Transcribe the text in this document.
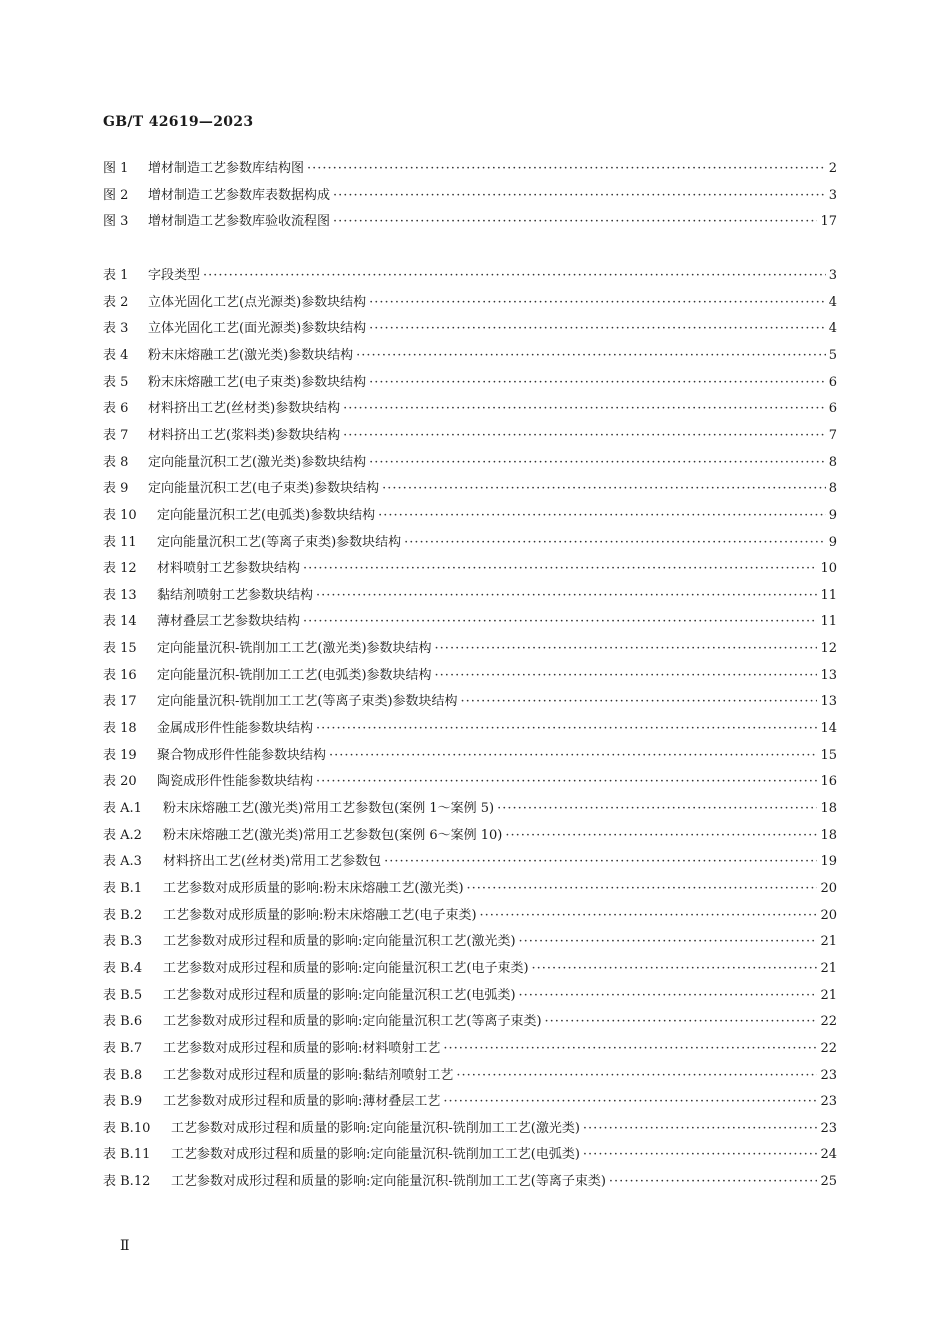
GB/T 42619—2023
图 1	增材制造工艺参数库结构图 ·····	2
图 2	增材制造工艺参数库表数据构成 ·····	3
图 3	增材制造工艺参数库验收流程图 ·····	17
表 1	字段类型 ·····	3
表 2	立体光固化工艺(点光源类)参数块结构 ·····	4
表 3	立体光固化工艺(面光源类)参数块结构 ·····	4
表 4	粉末床熔融工艺(激光类)参数块结构 ·····	5
表 5	粉末床熔融工艺(电子束类)参数块结构 ·····	6
表 6	材料挤出工艺(丝材类)参数块结构 ·····	6
表 7	材料挤出工艺(浆料类)参数块结构 ·····	7
表 8	定向能量沉积工艺(激光类)参数块结构 ·····	8
表 9	定向能量沉积工艺(电子束类)参数块结构 ·····	8
表 10	定向能量沉积工艺(电弧类)参数块结构 ·····	9
表 11	定向能量沉积工艺(等离子束类)参数块结构 ·····	9
表 12	材料喷射工艺参数块结构 ·····	10
表 13	黏结剂喷射工艺参数块结构 ·····	11
表 14	薄材叠层工艺参数块结构 ·····	11
表 15	定向能量沉积-铣削加工工艺(激光类)参数块结构 ·····	12
表 16	定向能量沉积-铣削加工工艺(电弧类)参数块结构 ·····	13
表 17	定向能量沉积-铣削加工工艺(等离子束类)参数块结构 ·····	13
表 18	金属成形件性能参数块结构 ·····	14
表 19	聚合物成形件性能参数块结构 ·····	15
表 20	陶瓷成形件性能参数块结构 ·····	16
表 A.1	粉末床熔融工艺(激光类)常用工艺参数包(案例 1～案例 5) ·····	18
表 A.2	粉末床熔融工艺(激光类)常用工艺参数包(案例 6～案例 10) ·····	18
表 A.3	材料挤出工艺(丝材类)常用工艺参数包 ·····	19
表 B.1	工艺参数对成形质量的影响:粉末床熔融工艺(激光类) ·····	20
表 B.2	工艺参数对成形质量的影响:粉末床熔融工艺(电子束类) ·····	20
表 B.3	工艺参数对成形过程和质量的影响:定向能量沉积工艺(激光类) ·····	21
表 B.4	工艺参数对成形过程和质量的影响:定向能量沉积工艺(电子束类) ·····	21
表 B.5	工艺参数对成形过程和质量的影响:定向能量沉积工艺(电弧类) ·····	21
表 B.6	工艺参数对成形过程和质量的影响:定向能量沉积工艺(等离子束类) ·····	22
表 B.7	工艺参数对成形过程和质量的影响:材料喷射工艺 ·····	22
表 B.8	工艺参数对成形过程和质量的影响:黏结剂喷射工艺 ·····	23
表 B.9	工艺参数对成形过程和质量的影响:薄材叠层工艺 ·····	23
表 B.10	工艺参数对成形过程和质量的影响:定向能量沉积-铣削加工工艺(激光类) ·····	23
表 B.11	工艺参数对成形过程和质量的影响:定向能量沉积-铣削加工工艺(电弧类) ·····	24
表 B.12	工艺参数对成形过程和质量的影响:定向能量沉积-铣削加工工艺(等离子束类) ·····	25
Ⅱ
